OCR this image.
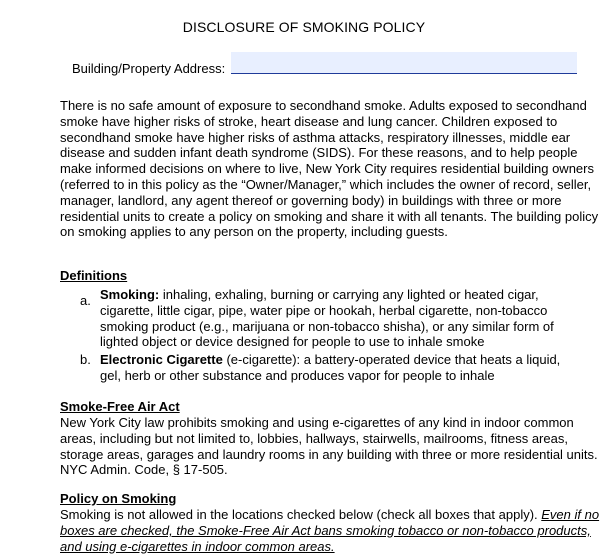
DISCLOSURE OF SMOKING POLICY
Building/Property Address:
There is no safe amount of exposure to secondhand smoke. Adults exposed to secondhand smoke have higher risks of stroke, heart disease and lung cancer. Children exposed to secondhand smoke have higher risks of asthma attacks, respiratory illnesses, middle ear disease and sudden infant death syndrome (SIDS). For these reasons, and to help people make informed decisions on where to live, New York City requires residential building owners (referred to in this policy as the “Owner/Manager,” which includes the owner of record, seller, manager, landlord, any agent thereof or governing body) in buildings with three or more residential units to create a policy on smoking and share it with all tenants. The building policy on smoking applies to any person on the property, including guests.
Definitions
a. Smoking: inhaling, exhaling, burning or carrying any lighted or heated cigar, cigarette, little cigar, pipe, water pipe or hookah, herbal cigarette, non-tobacco smoking product (e.g., marijuana or non-tobacco shisha), or any similar form of lighted object or device designed for people to use to inhale smoke
b. Electronic Cigarette (e-cigarette): a battery-operated device that heats a liquid, gel, herb or other substance and produces vapor for people to inhale
Smoke-Free Air Act
New York City law prohibits smoking and using e-cigarettes of any kind in indoor common areas, including but not limited to, lobbies, hallways, stairwells, mailrooms, fitness areas, storage areas, garages and laundry rooms in any building with three or more residential units. NYC Admin. Code, § 17-505.
Policy on Smoking
Smoking is not allowed in the locations checked below (check all boxes that apply). Even if no boxes are checked, the Smoke-Free Air Act bans smoking tobacco or non-tobacco products, and using e-cigarettes in indoor common areas.
